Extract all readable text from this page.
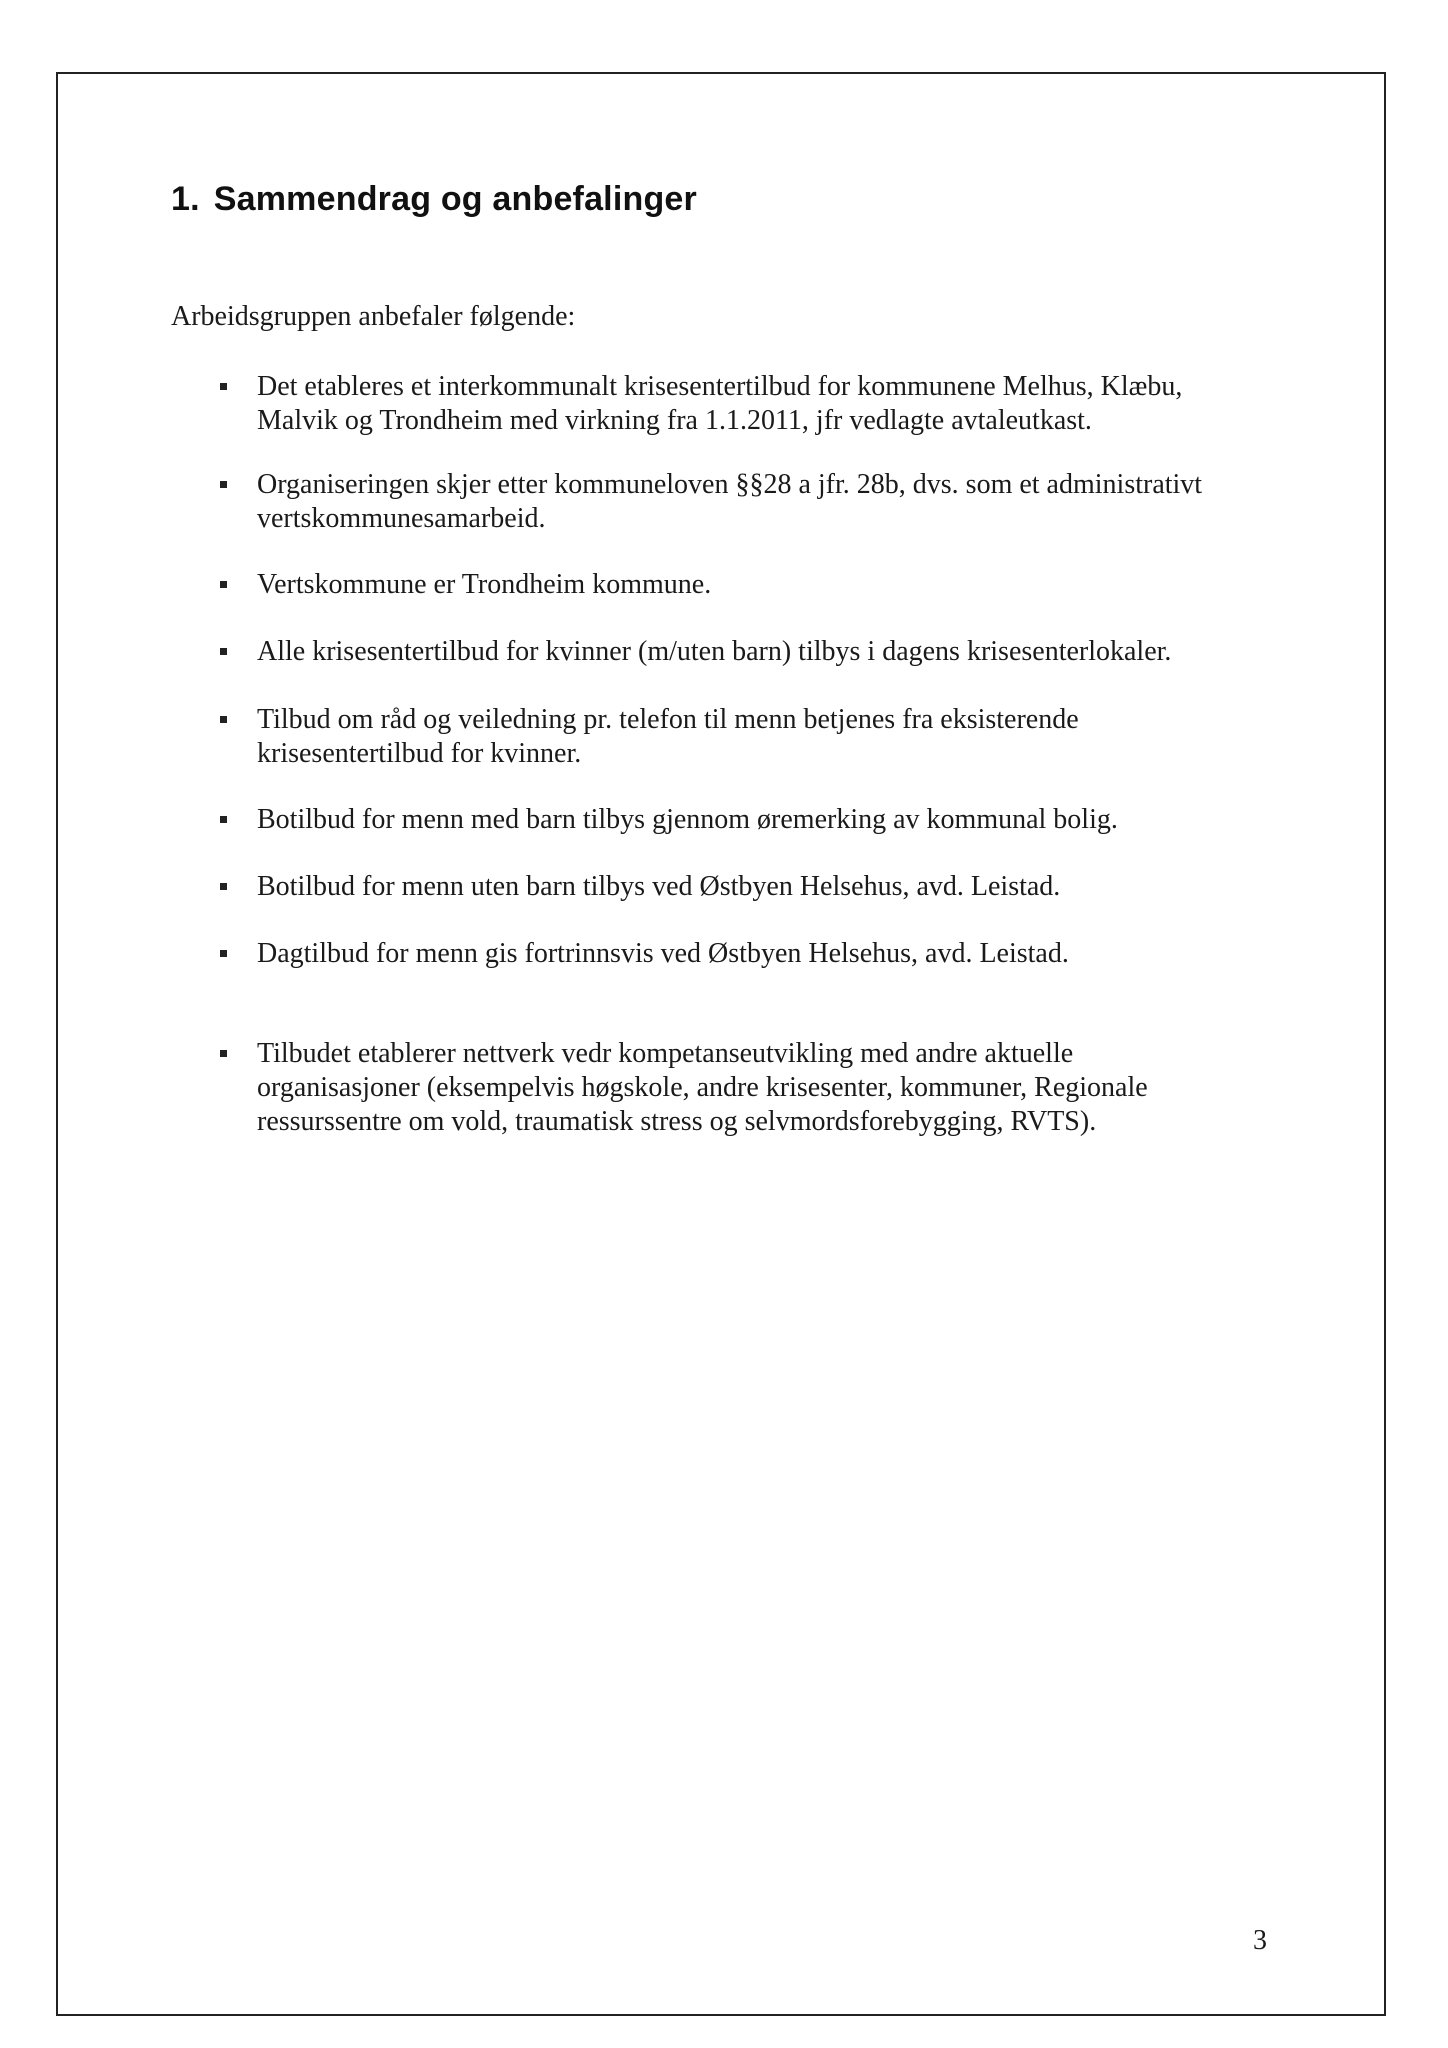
1. Sammendrag og anbefalinger

Arbeidsgruppen anbefaler følgende:

Det etableres et interkommunalt krisesentertilbud for kommunene Melhus, Klæbu,
Malvik og Trondheim med virkning fra 1.1.2011, jfr vedlagte avtaleutkast.

Organiseringen skjer etter kommuneloven §§28 a jfr. 28b, dvs. som et administrativt
vertskommunesamarbeid.

Vertskommune er Trondheim kommune.

Alle krisesentertilbud for kvinner (m/uten barn) tilbys i dagens krisesenterlokaler.

Tilbud om råd og veiledning pr. telefon til menn betjenes fra eksisterende
krisesentertilbud for kvinner.

Botilbud for menn med barn tilbys gjennom øremerking av kommunal bolig.

Botilbud for menn uten barn tilbys ved Østbyen Helsehus, avd. Leistad.

Dagtilbud for menn gis fortrinnsvis ved Østbyen Helsehus, avd. Leistad.

Tilbudet etablerer nettverk vedr kompetanseutvikling med andre aktuelle
organisasjoner (eksempelvis høgskole, andre krisesenter, kommuner, Regionale
ressurssentre om vold, traumatisk stress og selvmordsforebygging, RVTS).

3
